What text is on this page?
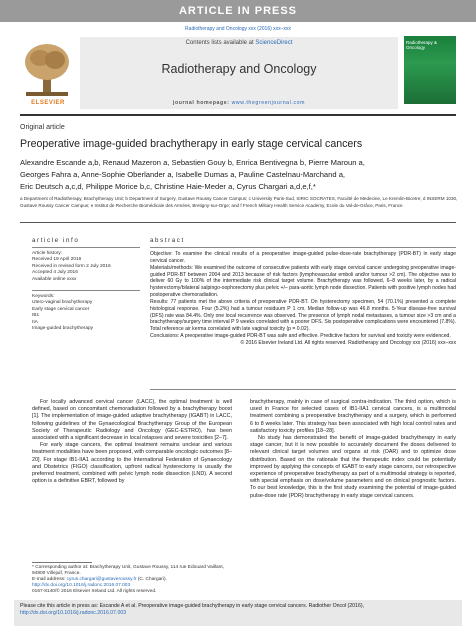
ARTICLE IN PRESS
Radiotherapy and Oncology xxx (2016) xxx–xxx
ELSEVIER
Contents lists available at ScienceDirect
Radiotherapy and Oncology
journal homepage: www.thegreenjournal.com
Radiotherapy & Oncology
Original article
Preoperative image-guided brachytherapy in early stage cervical cancers
Alexandre Escande a,b, Renaud Mazeron a, Sebastien Gouy b, Enrica Bentivegna b, Pierre Maroun a,
Georges Fahra a, Anne-Sophie Oberlander a, Isabelle Dumas a, Pauline Castelnau-Marchand a,
Eric Deutsch a,c,d, Philippe Morice b,c, Christine Haie-Meder a, Cyrus Chargari a,d,e,f,*
a Department of Radiotherapy, Brachytherapy Unit; b Department of Surgery, Gustave Roussy Cancer Campus; c University Paris-Sud, SIRIC SOCRATES, Faculté de Medecine, Le Kremlin-Bicetre; d INSERM 1030, Gustave Roussy Cancer Campus; e Institut de Recherche Biomédicale des Armées, Bretigny-sur-Orge; and f French Military Health Service Academy, Ecole du Val-de-Grâce, Paris, France
article info
Article history:
Received 19 April 2016
Received in revised form 2 July 2016
Accepted 4 July 2016
Available online xxxx
Keywords:
Utero-vaginal brachytherapy
Early stage cervical cancer
IB1
IIA
Image-guided brachytherapy
abstract

Objective: To examine the clinical results of a preoperative image-guided pulse-dose-rate brachytherapy (PDR-BT) in early stage cervical cancer.

Materials/methods: We examined the outcome of consecutive patients with early stage cervical cancer undergoing preoperative image-guided PDR-BT between 2004 and 2013 because of risk factors (lymphovascular emboli and/or tumour >2 cm). The objective was to deliver 60 Gy to 100% of the intermediate risk clinical target volume. Brachytherapy was followed, 6–8 weeks later, by a radical hysterectomy/bilateral salpingo-oophorectomy plus pelvic +/– para-aortic lymph node dissection. Patients with positive lymph nodes had postoperative chemoradiation.

Results: 77 patients met the above criteria of preoperative PDR-BT. On hysterectomy specimen, 54 (70.1%) presented a complete histological response. Four (5.2%) had a tumour residuum P 1 cm. Median follow-up was 46.8 months. 5-Year disease-free survival (DFS) rate was 84.4%. Only one local recurrence was observed. The presence of lymph nodal metastases, a tumour size >3 cm and a brachytherapy/surgery time interval P 9 weeks correlated with a poorer DFS. Six postoperative complications were encountered (7.8%). Total reference air kerma correlated with late vaginal toxicity (p = 0.02).

Conclusions: A preoperative image-guided PDR-BT was safe and effective. Predictive factors for survival and toxicity were evidenced.

© 2016 Elsevier Ireland Ltd. All rights reserved. Radiotherapy and Oncology xxx (2016) xxx–xxx

For locally advanced cervical cancer (LACC), the optimal treatment is well defined, based on concomitant chemoradiation followed by a brachytherapy boost [1]. The implementation of image-guided adaptive brachytherapy (IGABT) in LACC, following guidelines of the Gynaecological Brachytherapy Group of the European Society of Therapeutic Radiology and Oncology (GEC-ESTRO), has been associated with a significant decrease in local relapses and severe toxicities [2–7].

For early stage cancers, the optimal treatment remains unclear and various treatment modalities have been proposed, with comparable oncologic outcomes [8–20]. For stage IB1-IIA1 according to the International Federation of Gynaecology and Obstetrics (FIGO) classification, upfront radical hysterectomy is usually the preferred treatment, combined with pelvic lymph node dissection (LND). A second option is a definitive EBRT, followed by

brachytherapy, mainly in case of surgical contra-indication. The third option, which is used in France for selected cases of IB1-IIA1 cervical cancers, is a multimodal treatment combining a preoperative brachytherapy and a surgery, which is performed 6 to 8 weeks later. This strategy has been associated with high local control rates and satisfactory toxicity profiles [18–28].

No study has demonstrated the benefit of image-guided brachytherapy in early stage cancer, but it is now possible to accurately document the doses delivered to relevant clinical target volumes and organs at risk (OAR) and to optimize dose distribution. Based on the rationale that the therapeutic index could be potentially improved by applying the concepts of IGABT to early stage cancers, our retrospective experience of preoperative brachytherapy as part of a multimodal strategy is reported, with special emphasis on dose/volume parameters and on clinical prognostic factors. To our best knowledge, this is the first study examining the potential of image-guided pulse-dose rate (PDR) brachytherapy in early stage cervical cancers.

* Corresponding author at: Brachytherapy Unit, Gustave Roussy, 114 rue Edouard Vaillant, 94800 Villejuif, France.
E-mail address: cyrus.chargari@gustaveroussy.fr (C. Chargari).
http://dx.doi.org/10.1016/j.radonc.2016.07.003
0167-8140/© 2016 Elsevier Ireland Ltd. All rights reserved.
Please cite this article in press as: Escande A et al. Preoperative image-guided brachytherapy in early stage cervical cancers. Radiother Oncol (2016), http://dx.doi.org/10.1016/j.radonc.2016.07.003
